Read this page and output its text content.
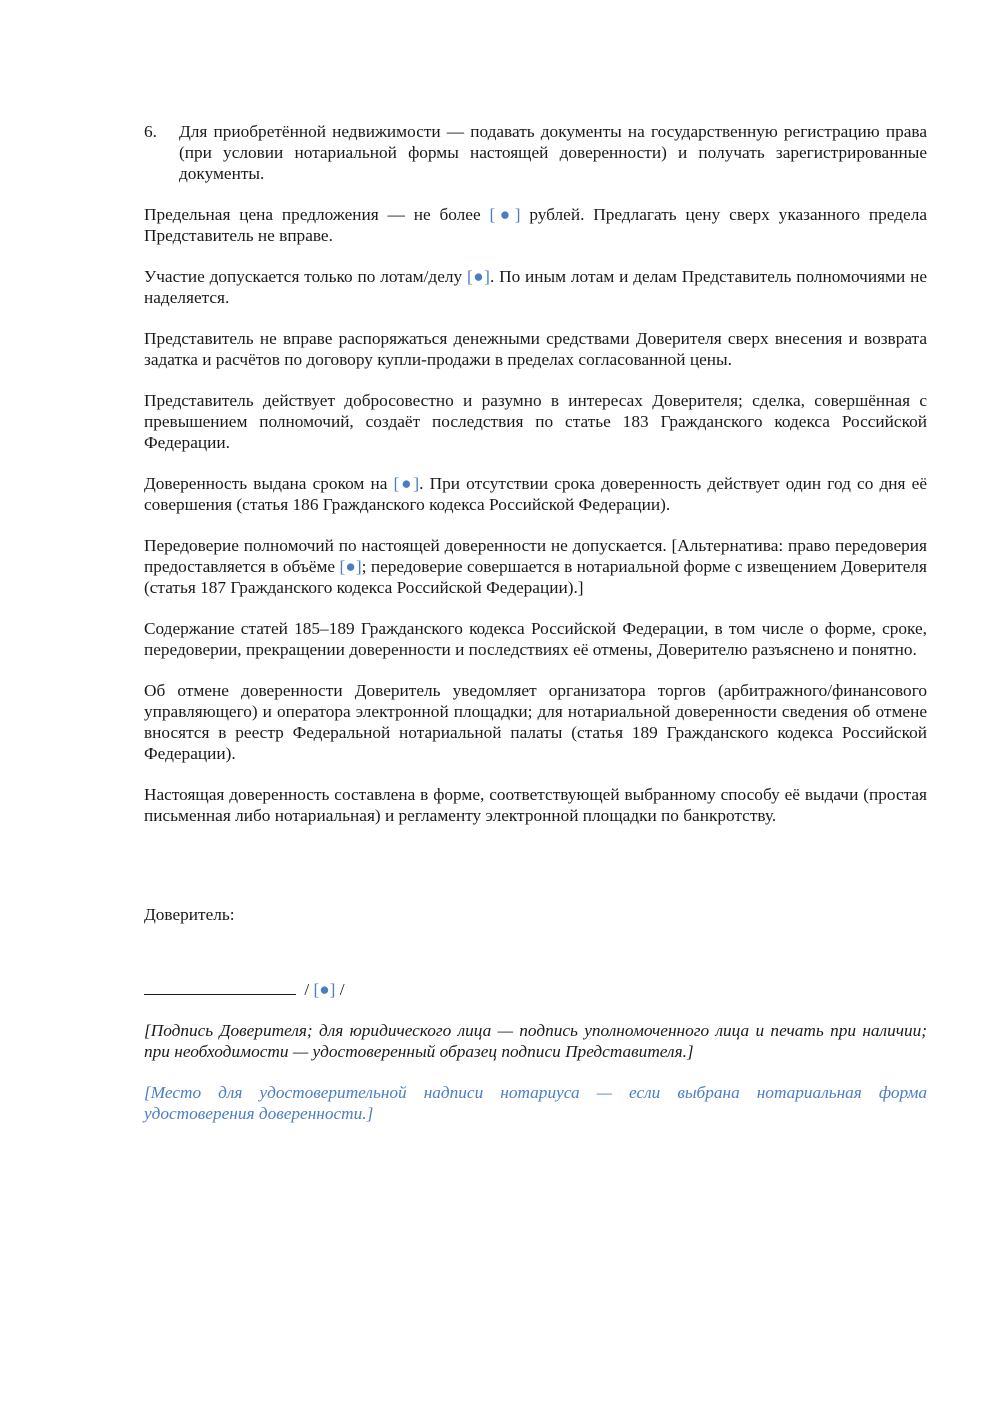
6. Для приобретённой недвижимости — подавать документы на государственную регистрацию права (при условии нотариальной формы настоящей доверенности) и получать зарегистрированные документы.

Предельная цена предложения — не более [●] рублей. Предлагать цену сверх указанного предела Представитель не вправе.

Участие допускается только по лотам/делу [●]. По иным лотам и делам Представитель полномочиями не наделяется.

Представитель не вправе распоряжаться денежными средствами Доверителя сверх внесения и возврата задатка и расчётов по договору купли-продажи в пределах согласованной цены.

Представитель действует добросовестно и разумно в интересах Доверителя; сделка, совершённая с превышением полномочий, создаёт последствия по статье 183 Гражданского кодекса Российской Федерации.

Доверенность выдана сроком на [●]. При отсутствии срока доверенность действует один год со дня её совершения (статья 186 Гражданского кодекса Российской Федерации).

Передоверие полномочий по настоящей доверенности не допускается. [Альтернатива: право передоверия предоставляется в объёме [●]; передоверие совершается в нотариальной форме с извещением Доверителя (статья 187 Гражданского кодекса Российской Федерации).]

Содержание статей 185–189 Гражданского кодекса Российской Федерации, в том числе о форме, сроке, передоверии, прекращении доверенности и последствиях её отмены, Доверителю разъяснено и понятно.

Об отмене доверенности Доверитель уведомляет организатора торгов (арбитражного/финансового управляющего) и оператора электронной площадки; для нотариальной доверенности сведения об отмене вносятся в реестр Федеральной нотариальной палаты (статья 189 Гражданского кодекса Российской Федерации).

Настоящая доверенность составлена в форме, соответствующей выбранному способу её выдачи (простая письменная либо нотариальная) и регламенту электронной площадки по банкротству.

Доверитель:

/ [●] /

[Подпись Доверителя; для юридического лица — подпись уполномоченного лица и печать при наличии; при необходимости — удостоверенный образец подписи Представителя.]

[Место для удостоверительной надписи нотариуса — если выбрана нотариальная форма удостоверения доверенности.]
